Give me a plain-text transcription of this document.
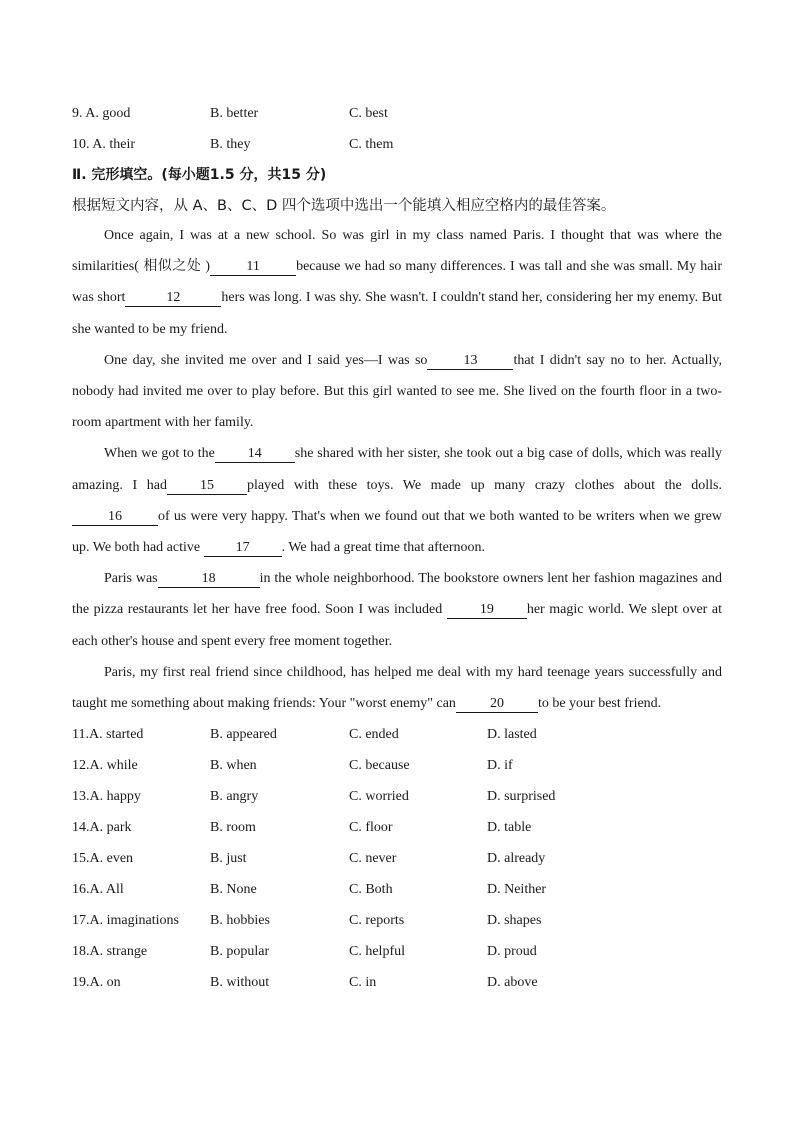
9. A. good	B. better	C. best
10. A. their	B. they	C. them
Ⅱ. 完形填空。(每小题1.5 分，共15 分)
根据短文内容，从 A、B、C、D 四个选项中选出一个能填入相应空格内的最佳答案。

Once again, I was at a new school. So was girl in my class named Paris. I thought that was where the similarities( 相似之处 )	11	because we had so many differences. I was tall and she was small. My hair was short	12	hers was long. I was shy. She wasn't. I couldn't stand her, considering her my enemy. But she wanted to be my friend.

One day, she invited me over and I said yes—I was so	13	that I didn't say no to her. Actually, nobody had invited me over to play before. But this girl wanted to see me. She lived on the fourth floor in a two-room apartment with her family.

When we got to the 14 she shared with her sister, she took out a big case of dolls, which was really amazing. I had 15 played with these toys. We made up many crazy clothes about the dolls. 16	of us were very happy. That's when we found out that we both wanted to be writers when we grew up. We both had active	17 . We had a great time that afternoon.

Paris was	18	in the whole neighborhood. The bookstore owners lent her fashion magazines and the pizza restaurants let her have free food. Soon I was included	19 her magic world. We slept over at each other's house and spent every free moment together.

Paris, my first real friend since childhood, has helped me deal with my hard teenage years successfully and taught me something about making friends: Your "worst enemy" can 20 to be your best friend.

11.A. started	B. appeared	C. ended	D. lasted
12.A. while	B. when	C. because	D. if
13.A. happy	B. angry	C. worried	D. surprised
14.A. park	B. room	C. floor	D. table
15.A. even	B. just	C. never	D. already
16.A. All	B. None	C. Both	D. Neither
17.A. imaginations	B. hobbies	C. reports	D. shapes
18.A. strange	B. popular	C. helpful	D. proud
19.A. on	B. without	C. in	D. above
